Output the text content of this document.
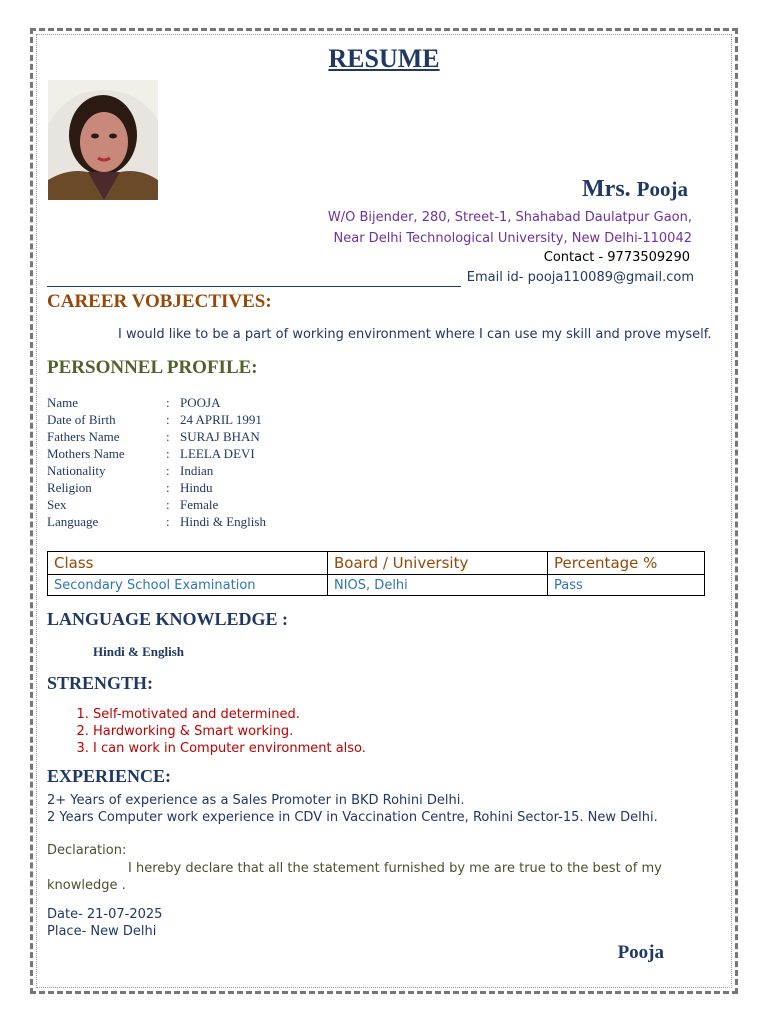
RESUME
Mrs. Pooja
W/O Bijender, 280, Street-1, Shahabad Daulatpur Gaon,
Near Delhi Technological University, New Delhi-110042
Contact - 9773509290
Email id- pooja110089@gmail.com
CAREER VOBJECTIVES:
I would like to be a part of working environment where I can use my skill and prove myself.
PERSONNEL PROFILE:
Name	: POOJA
Date of Birth	: 24 APRIL 1991
Fathers Name	: SURAJ BHAN
Mothers Name	: LEELA DEVI
Nationality	: Indian
Religion	: Hindu
Sex	: Female
Language	: Hindi & English
Class	Board / University	Percentage %
Secondary School Examination	NIOS, Delhi	Pass
LANGUAGE KNOWLEDGE :
Hindi & English
STRENGTH:
1. Self-motivated and determined.
2. Hardworking & Smart working.
3. I can work in Computer environment also.
EXPERIENCE:
2+ Years of experience as a Sales Promoter in BKD Rohini Delhi.
2 Years Computer work experience in CDV in Vaccination Centre, Rohini Sector-15. New Delhi.
Declaration:
I hereby declare that all the statement furnished by me are true to the best of my
knowledge .
Date- 21-07-2025
Place- New Delhi
Pooja
